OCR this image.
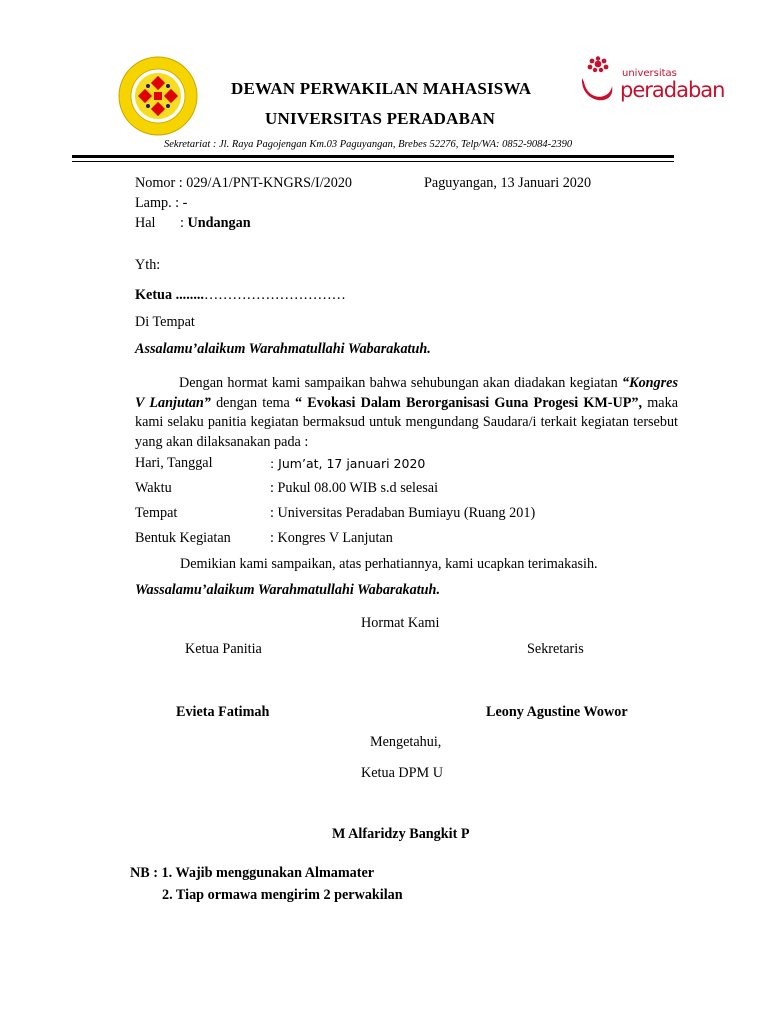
DEWAN PERWAKILAN MAHASISWA
UNIVERSITAS PERADABAN
universitas
peradaban
Sekretariat : Jl. Raya Pagojengan Km.03 Paguyangan, Brebes 52276, Telp/WA: 0852-9084-2390
Nomor : 029/A1/PNT-KNGRS/I/2020	Paguyangan, 13 Januari 2020
Lamp. : -
Hal : Undangan
Yth:
Ketua ........…………………………
Di Tempat
Assalamu’alaikum Warahmatullahi Wabarakatuh.
Dengan hormat kami sampaikan bahwa sehubungan akan diadakan kegiatan “Kongres V Lanjutan” dengan tema “ Evokasi Dalam Berorganisasi Guna Progesi KM-UP”, maka kami selaku panitia kegiatan bermaksud untuk mengundang Saudara/i terkait kegiatan tersebut yang akan dilaksanakan pada :
Hari, Tanggal	: Jum’at, 17 januari 2020
Waktu	: Pukul 08.00 WIB s.d selesai
Tempat	: Universitas Peradaban Bumiayu (Ruang 201)
Bentuk Kegiatan	: Kongres V Lanjutan
Demikian kami sampaikan, atas perhatiannya, kami ucapkan terimakasih.
Wassalamu’alaikum Warahmatullahi Wabarakatuh.
Hormat Kami
Ketua Panitia	Sekretaris
Evieta Fatimah	Leony Agustine Wowor
Mengetahui,
Ketua DPM U
M Alfaridzy Bangkit P
NB : 1. Wajib menggunakan Almamater
2. Tiap ormawa mengirim 2 perwakilan
